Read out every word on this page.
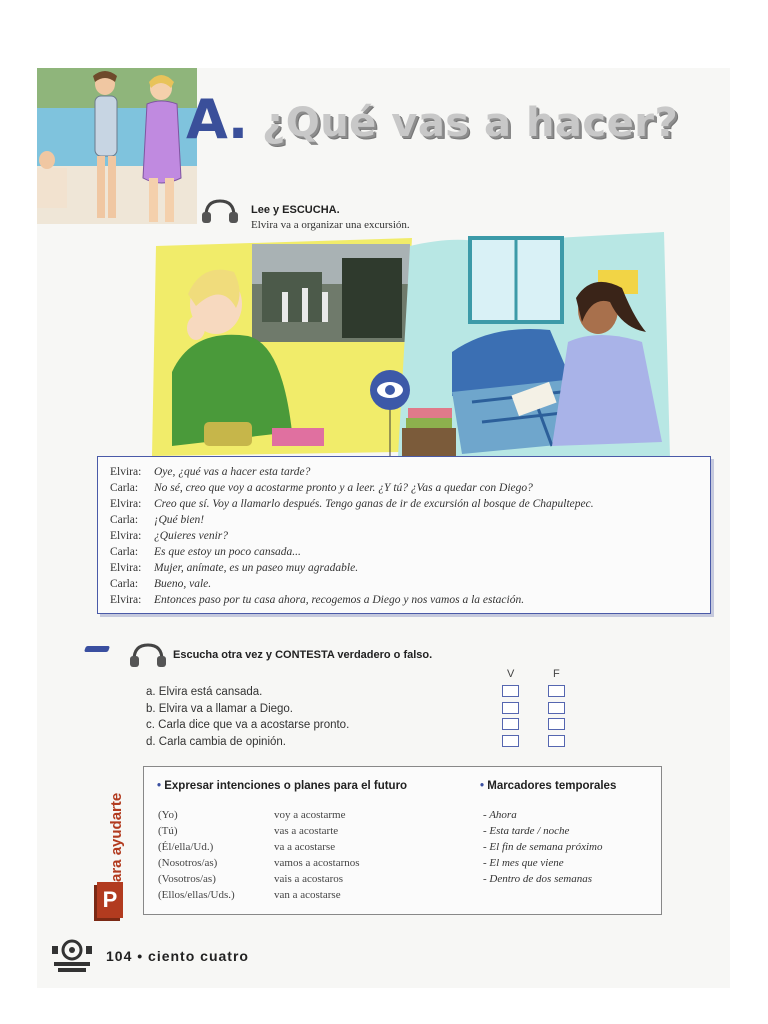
A. ¿Qué vas a hacer?
Lee y ESCUCHA.
Elvira va a organizar una excursión.
Elvira: Oye, ¿qué vas a hacer esta tarde?
Carla: No sé, creo que voy a acostarme pronto y a leer. ¿Y tú? ¿Vas a quedar con Diego?
Elvira: Creo que sí. Voy a llamarlo después. Tengo ganas de ir de excursión al bosque de Chapultepec.
Carla: ¡Qué bien!
Elvira: ¿Quieres venir?
Carla: Es que estoy un poco cansada...
Elvira: Mujer, anímate, es un paseo muy agradable.
Carla: Bueno, vale.
Elvira: Entonces paso por tu casa ahora, recogemos a Diego y nos vamos a la estación.
Escucha otra vez y CONTESTA verdadero o falso.
V	F
a. Elvira está cansada.
b. Elvira va a llamar a Diego.
c. Carla dice que va a acostarse pronto.
d. Carla cambia de opinión.
• Expresar intenciones o planes para el futuro	• Marcadores temporales
(Yo)
(Tú)
(Él/ella/Ud.)
(Nosotros/as)
(Vosotros/as)
(Ellos/ellas/Uds.)
voy a acostarme
vas a acostarte
va a acostarse
vamos a acostarnos
vais a acostaros
van a acostarse
- Ahora
- Esta tarde / noche
- El fin de semana próximo
- El mes que viene
- Dentro de dos semanas
ara ayudarte
P
104 • ciento cuatro
